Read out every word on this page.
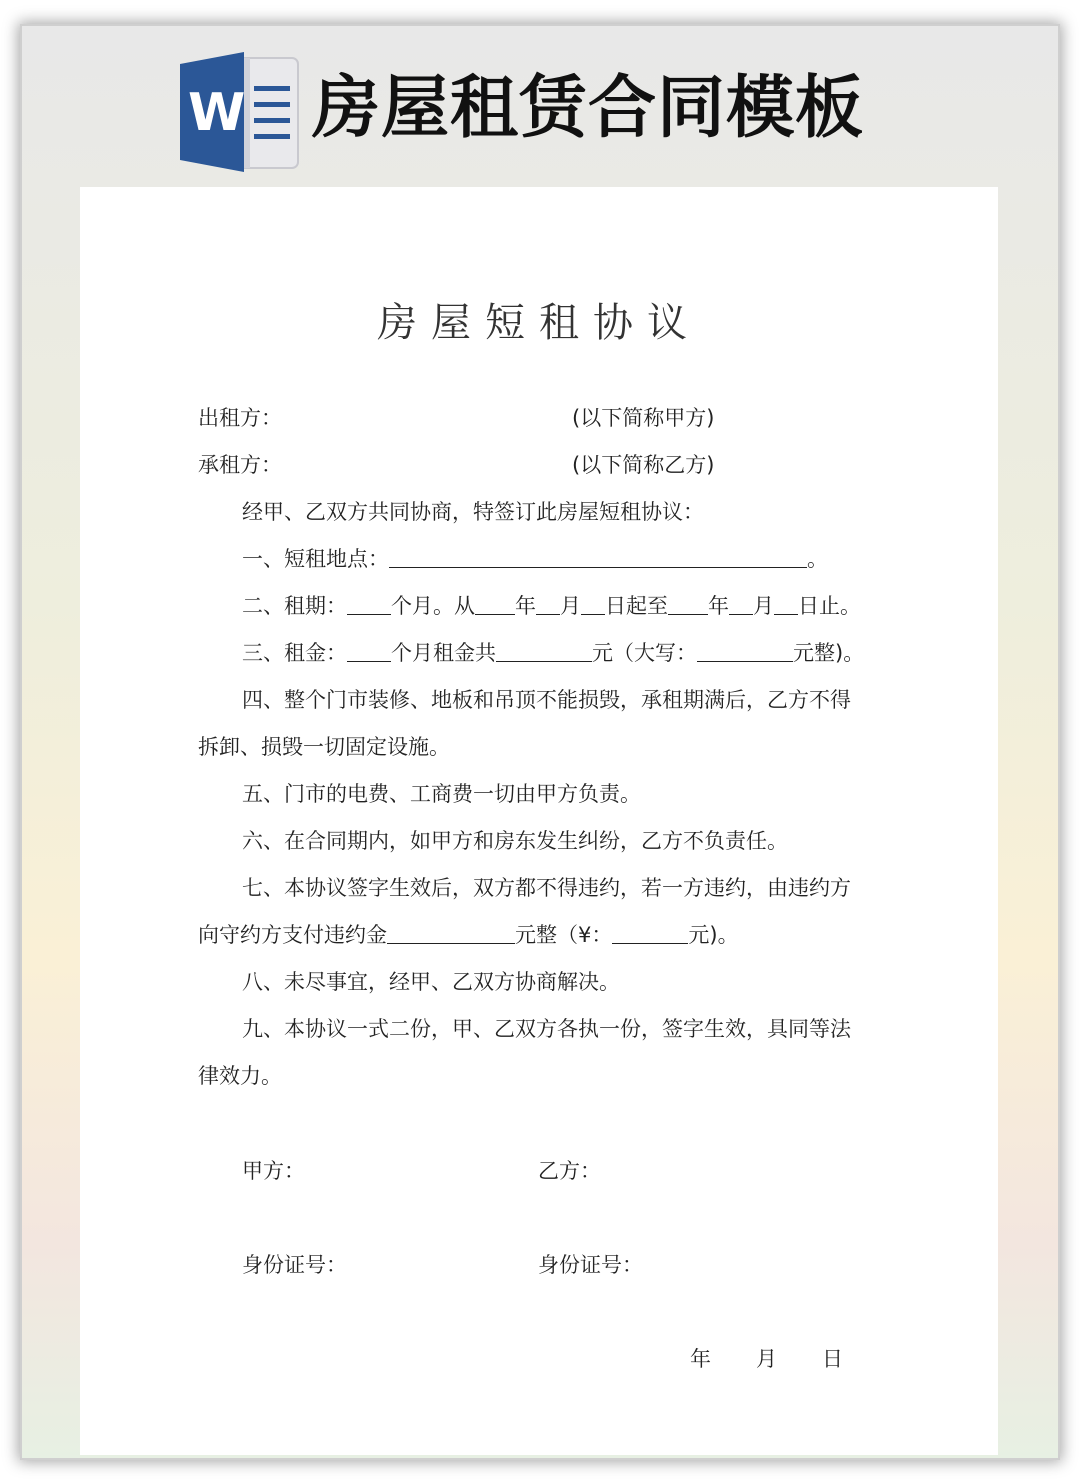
W 房屋租赁合同模板
房屋短租协议
出租方：	(以下简称甲方)
承租方：	(以下简称乙方)
经甲、乙双方共同协商，特签订此房屋短租协议：
一、短租地点：	。
二、租期： 个月。从 年 月 日起至 年 月 日止。
三、租金： 个月租金共	元（大写：	元整)。
四、整个门市装修、地板和吊顶不能损毁，承租期满后，乙方不得
拆卸、损毁一切固定设施。
五、门市的电费、工商费一切由甲方负责。
六、在合同期内，如甲方和房东发生纠纷，乙方不负责任。
七、本协议签字生效后，双方都不得违约，若一方违约，由违约方
向守约方支付违约金	元整（¥：	元)。
八、未尽事宜，经甲、乙双方协商解决。
九、本协议一式二份，甲、乙双方各执一份，签字生效，具同等法
律效力。
甲方：	乙方：
身份证号：	身份证号：
年 月 日
